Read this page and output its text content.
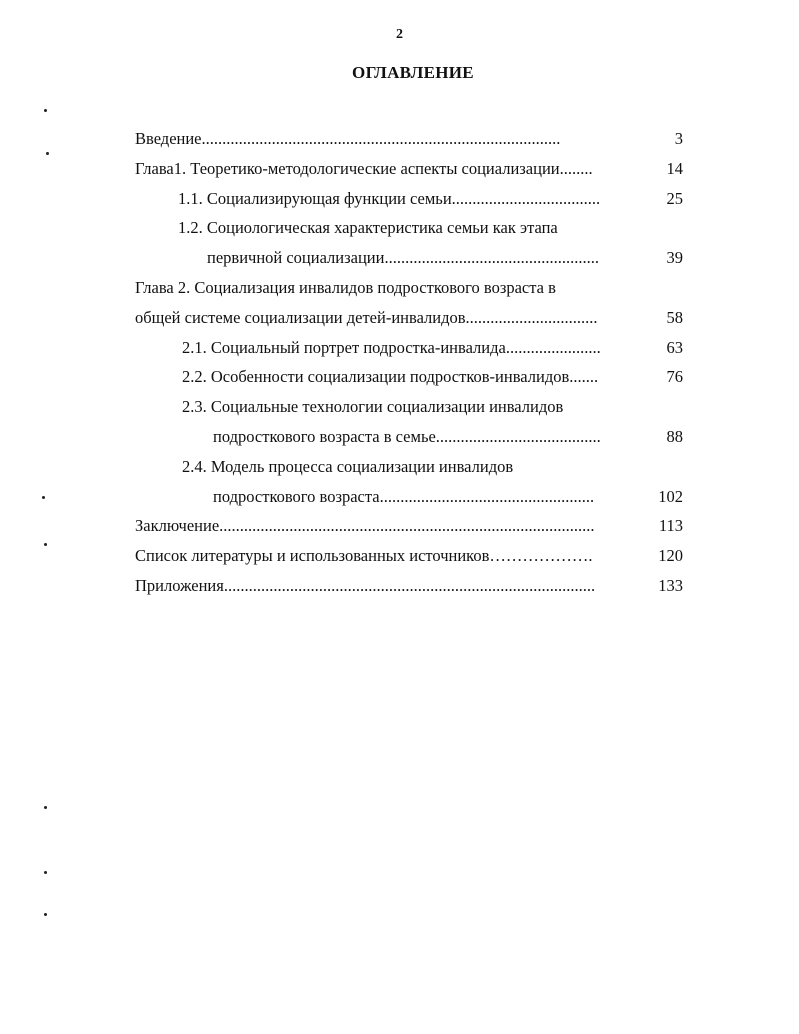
2
ОГЛАВЛЕНИЕ
Введение.......................................................................................	3
Глава1. Теоретико-методологические аспекты социализации........	14
1.1. Социализирующая функции семьи....................................	25
1.2. Социологическая характеристика семьи как этапа
первичной социализации....................................................	39
Глава 2. Социализация инвалидов подросткового возраста в
общей системе социализации детей-инвалидов................................	58
2.1. Социальный портрет подростка-инвалида.......................	63
2.2. Особенности социализации подростков-инвалидов.......	76
2.3. Социальные технологии социализации инвалидов
подросткового возраста в семье........................................	88
2.4. Модель процесса социализации инвалидов
подросткового возраста....................................................	102
Заключение...........................................................................................	113
Список литературы и использованных источников……………….	120
Приложения..........................................................................................	133
